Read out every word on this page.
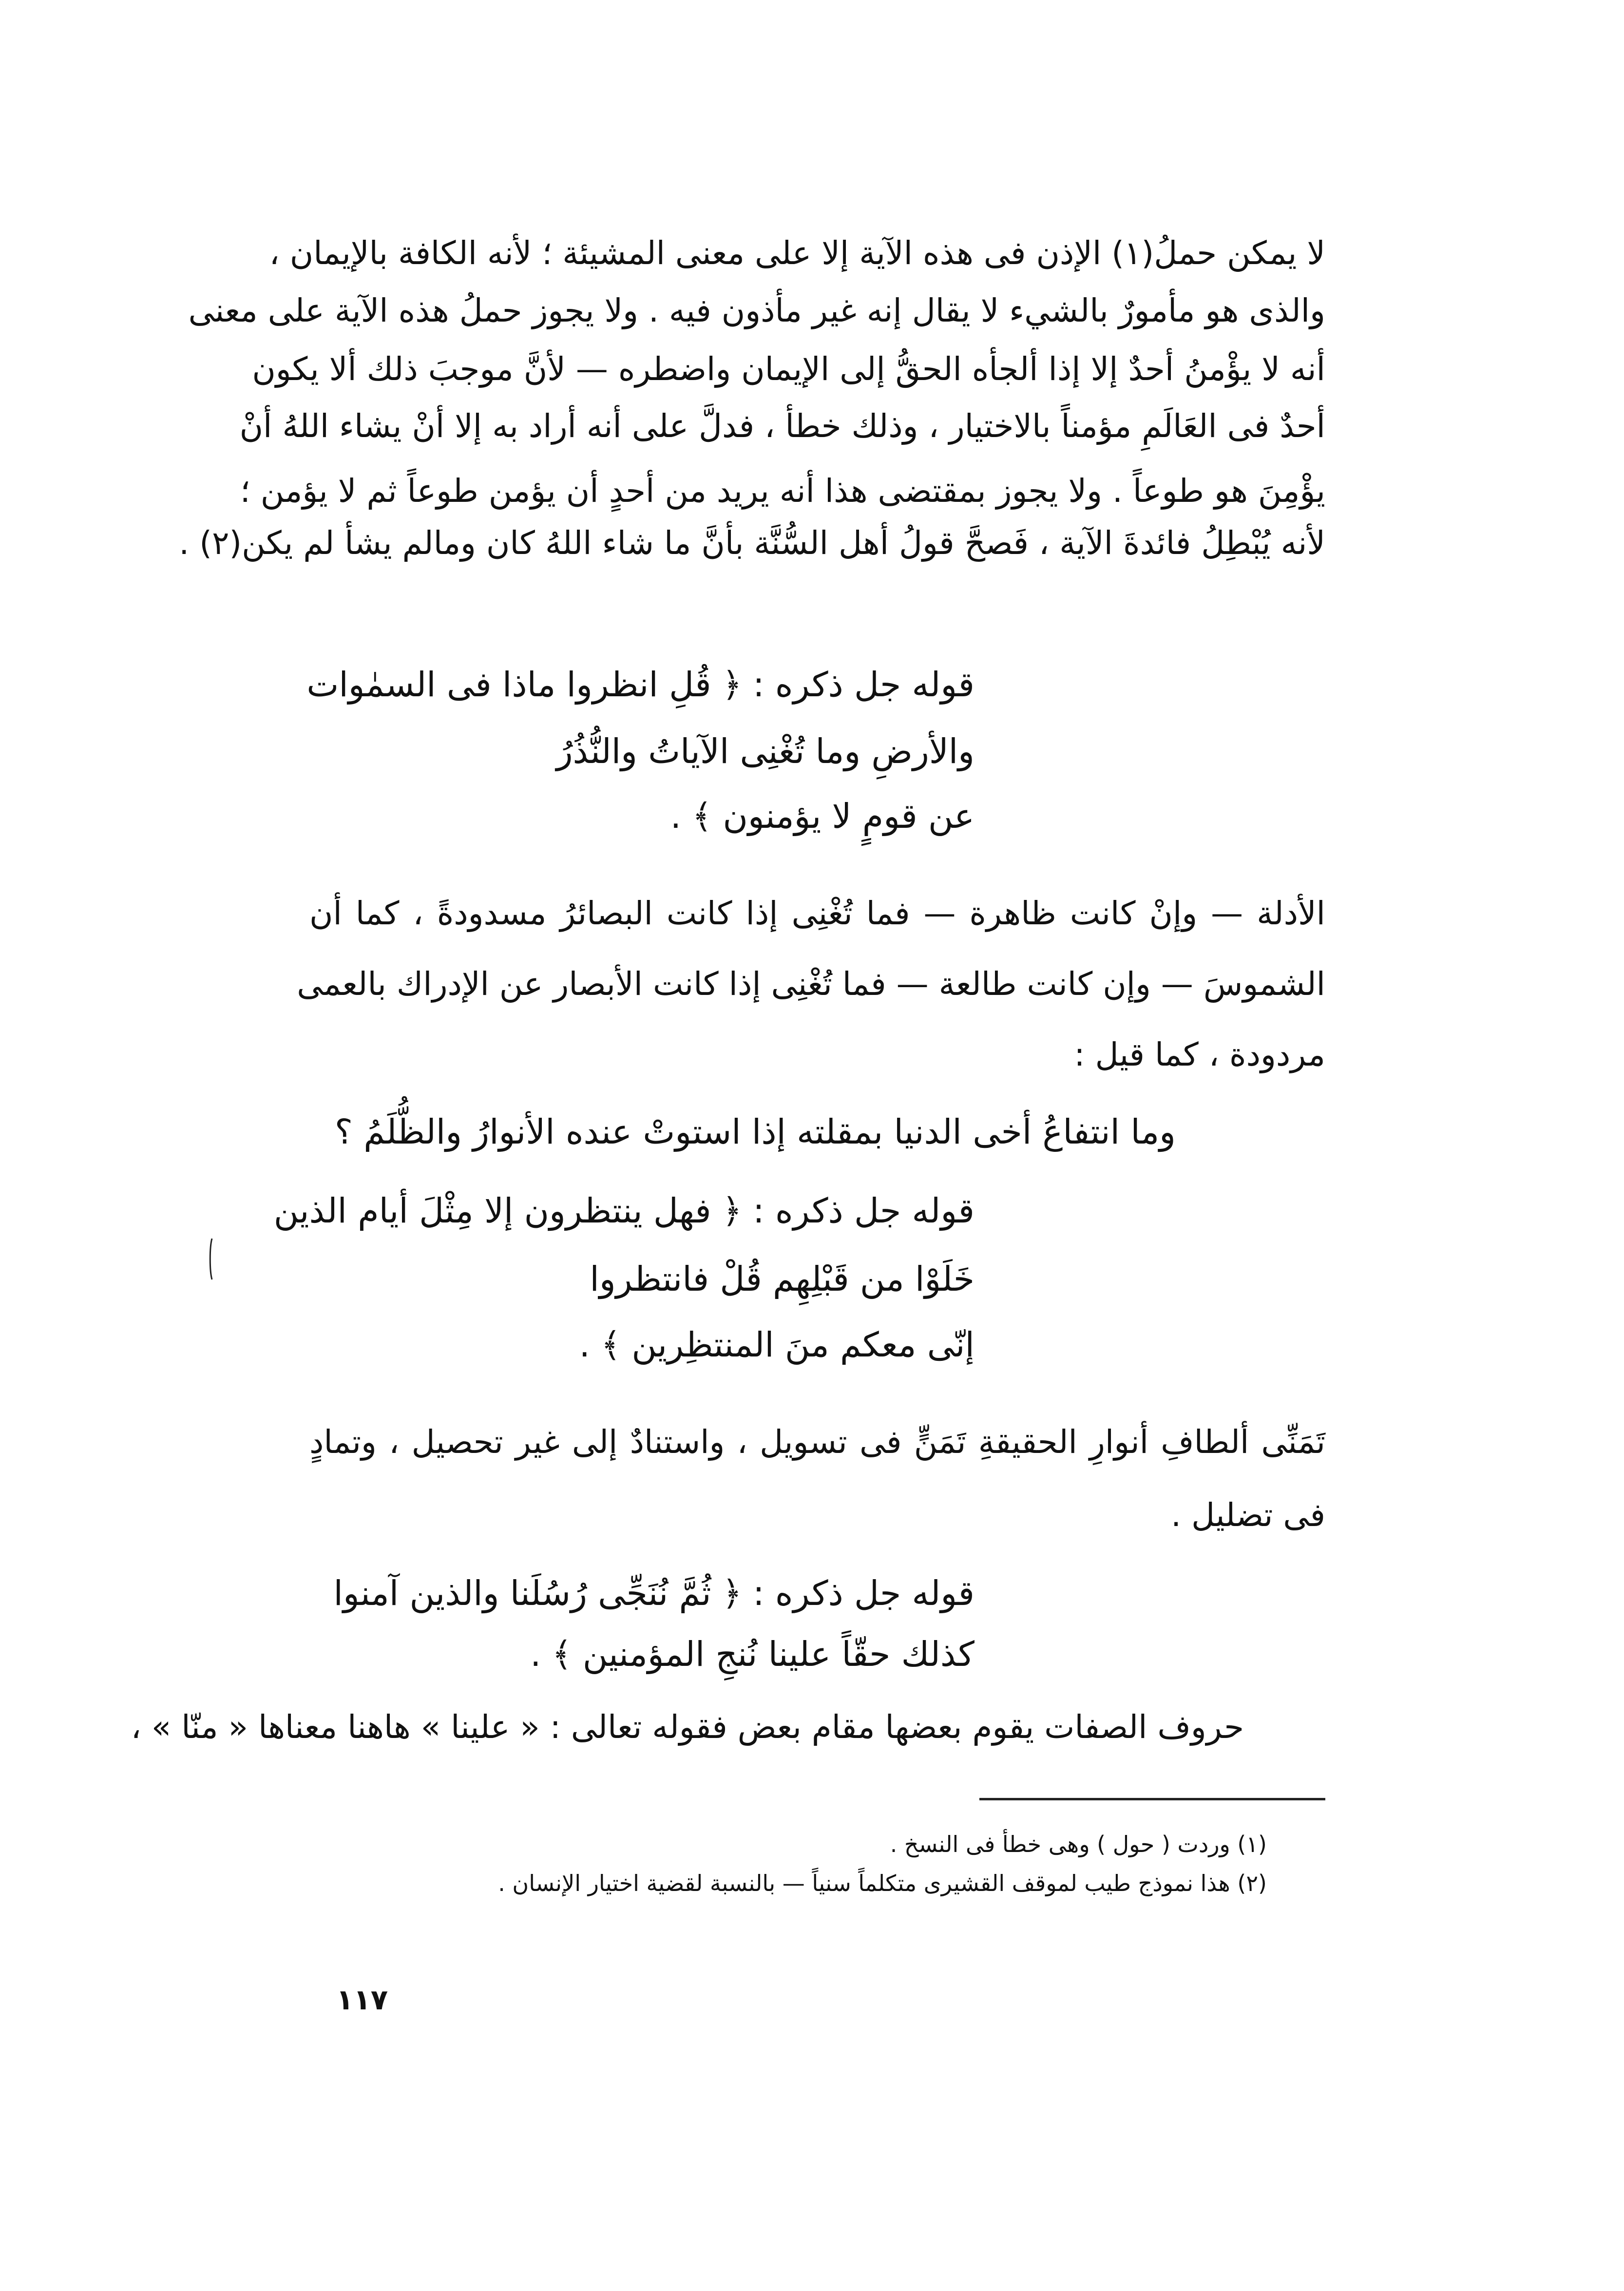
لا يمكن حملُ(١) الإذن فى هذه الآية إلا على معنى المشيئة ؛ لأنه الكافة بالإيمان ،
والذى هو مأمورٌ بالشيء لا يقال إنه غير مأذون فيه . ولا يجوز حملُ هذه الآية على معنى
أنه لا يؤْمنُ أحدٌ إلا إذا ألجأه الحقُّ إلى الإيمان واضطره — لأنَّ موجبَ ذلك ألا يكون
أحدٌ فى العَالَمِ مؤمناً بالاختيار ، وذلك خطأ ، فدلَّ على أنه أراد به إلا أنْ يشاء اللهُ أنْ
يؤْمِنَ هو طوعاً . ولا يجوز بمقتضى هذا أنه يريد من أحدٍ أن يؤمن طوعاً ثم لا يؤمن ؛
لأنه يُبْطِلُ فائدةَ الآية ، فَصحَّ قولُ أهل السُّنَّة بأنَّ ما شاء اللهُ كان ومالم يشأ لم يكن(٢) .
قوله جل ذكره : ﴿ قُلِ انظروا ماذا فى السمٰوات
والأرضِ وما تُغْنِى الآياتُ والنُّذُرُ
عن قومٍ لا يؤمنون ﴾ .
الأدلة — وإنْ كانت ظاهرة — فما تُغْنِى إذا كانت البصائرُ مسدودةً ، كما أن
الشموسَ — وإن كانت طالعة — فما تُغْنِى إذا كانت الأبصار عن الإدراك بالعمى
مردودة ، كما قيل :
وما انتفاعُ أخى الدنيا بمقلته
إذا استوتْ عنده الأنوارُ والظُّلَمُ ؟
قوله جل ذكره : ﴿ فهل ينتظرون إلا مِثْلَ أيام الذين
خَلَوْا من قَبْلِهِم قُلْ فانتظروا
إنّى معكم منَ المنتظِرين ﴾ .
تَمَنِّى ألطافِ أنوارِ الحقيقةِ تَمَنٍّ فى تسويل ، واستنادٌ إلى غير تحصيل ، وتمادٍ
فى تضليل .
قوله جل ذكره : ﴿ ثُمَّ نُنَجِّى رُسُلَنا والذين آمنوا
كذلك حقّاً علينا نُنجِ المؤمنين ﴾ .
حروف الصفات يقوم بعضها مقام بعض فقوله تعالى : « علينا » هاهنا معناها « منّا » ،
(١) وردت ( حول ) وهى خطأ فى النسخ .
(٢) هذا نموذج طيب لموقف القشيرى متكلماً سنياً — بالنسبة لقضية اختيار الإنسان .
١١٧
